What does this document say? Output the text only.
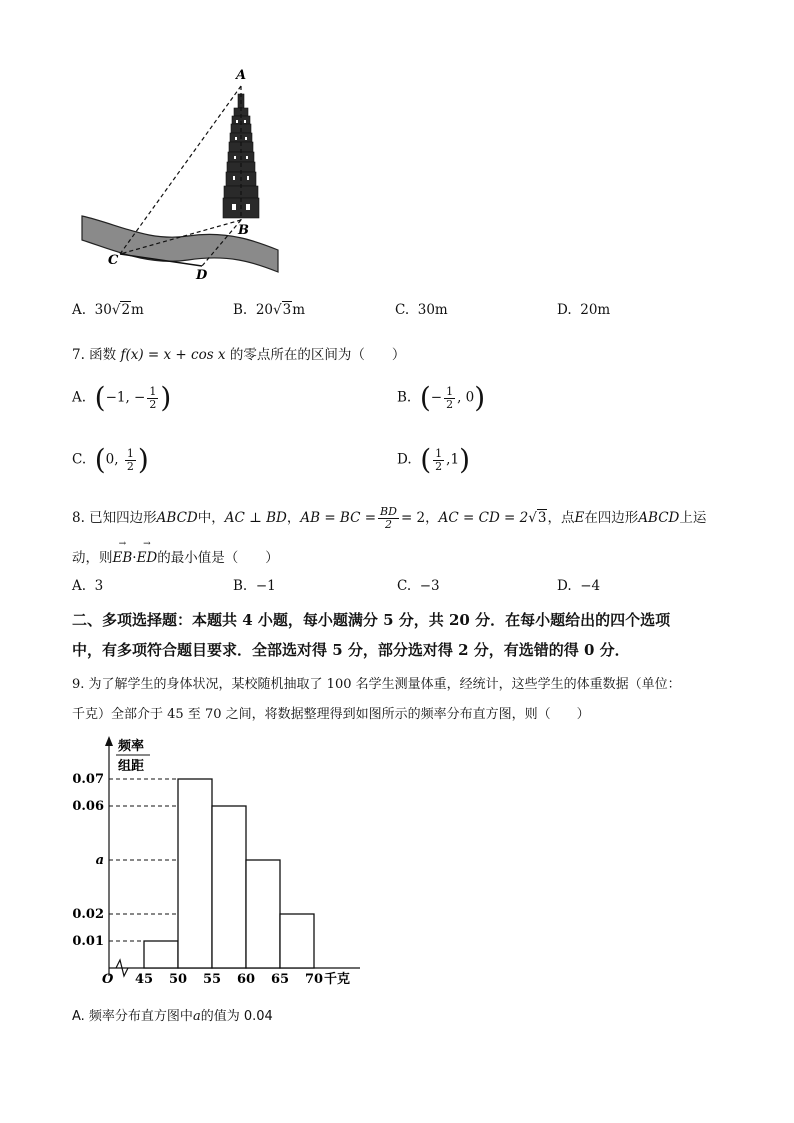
A
B
C
D
A. 30√2m	B. 20√3m	C. 30m	D. 20m
7. 函数 f(x) = x + cos x 的零点所在的区间为（　　）
A. (−1, − $\frac{1}{2}$ )	B. (− $\frac{1}{2}$ , 0)
C. (0, $\frac{1}{2}$ )	D. ( $\frac{1}{2} ,1$)
8. 已知四边形ABCD中，AC ⊥ BD，AB = BC = $\frac{BD}{2} = 2$，AC = CD = 2√3，点E在四边形ABCD上运
动，则→ EB·→ ED的最小值是（　　）
A. 3	B. −1	C. −3	D. −4
二、多项选择题：本题共 4 小题，每小题满分 5 分，共 20 分．在每小题给出的四个选项
中，有多项符合题目要求．全部选对得 5 分，部分选对得 2 分，有选错的得 0 分．
9. 为了解学生的身体状况，某校随机抽取了 100 名学生测量体重，经统计，这些学生的体重数据（单位：
千克）全部介于 45 至 70 之间，将数据整理得到如图所示的频率分布直方图，则（　　）
频率
组距
O
0.07
0.06
a
0.02
0.01
45 50 55 60 65 70 千克
A. 频率分布直方图中a的值为 0.04
